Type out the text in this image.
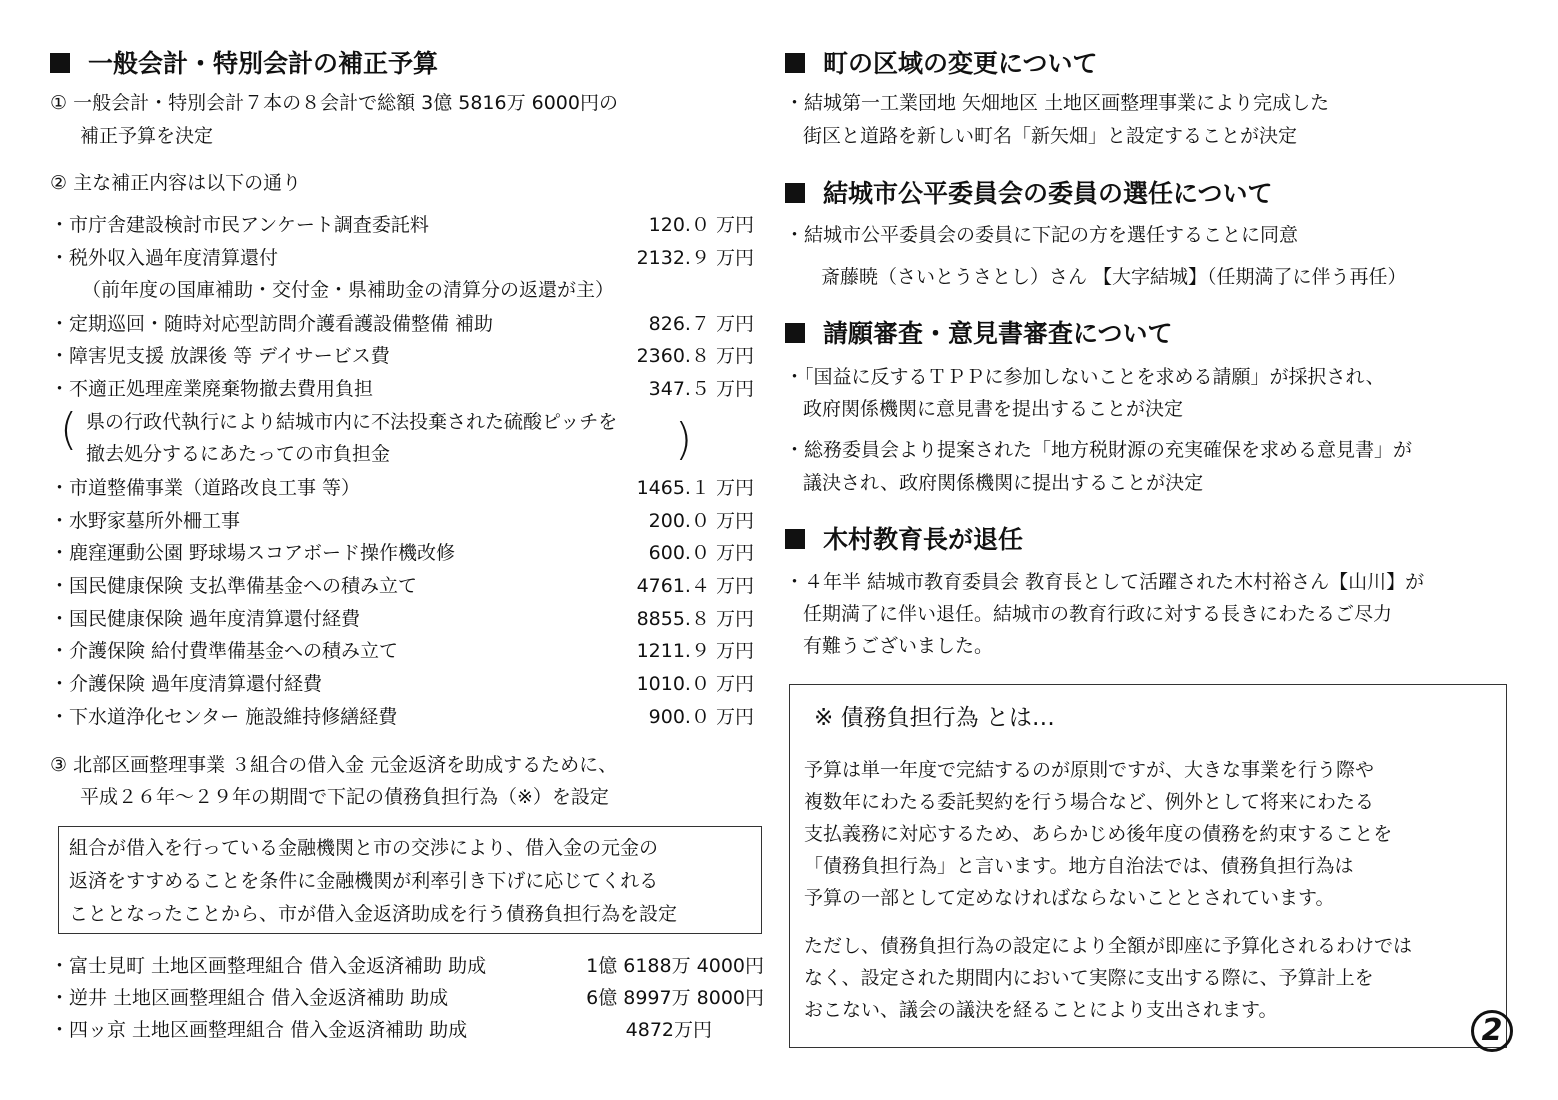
一般会計・特別会計の補正予算
① 一般会計・特別会計７本の８会計で総額 3億 5816万 6000円の
補正予算を決定
② 主な補正内容は以下の通り
・市庁舎建設検討市民アンケート調査委託料	120.０ 万円
・税外収入過年度清算還付	2132.９ 万円
（前年度の国庫補助・交付金・県補助金の清算分の返還が主）
・定期巡回・随時対応型訪問介護看護設備整備 補助	826.７ 万円
・障害児支援 放課後 等 デイサービス費	2360.８ 万円
・不適正処理産業廃棄物撤去費用負担	347.５ 万円
県の行政代執行により結城市内に不法投棄された硫酸ピッチを
撤去処分するにあたっての市負担金
・市道整備事業（道路改良工事 等）	1465.１ 万円
・水野家墓所外柵工事	200.０ 万円
・鹿窪運動公園 野球場スコアボード操作機改修	600.０ 万円
・国民健康保険 支払準備基金への積み立て	4761.４ 万円
・国民健康保険 過年度清算還付経費	8855.８ 万円
・介護保険 給付費準備基金への積み立て	1211.９ 万円
・介護保険 過年度清算還付経費	1010.０ 万円
・下水道浄化センター 施設維持修繕経費	900.０ 万円
(	)
③ 北部区画整理事業 ３組合の借入金 元金返済を助成するために、
平成２６年～２９年の期間で下記の債務負担行為（※）を設定
組合が借入を行っている金融機関と市の交渉により、借入金の元金の
返済をすすめることを条件に金融機関が利率引き下げに応じてくれる
こととなったことから、市が借入金返済助成を行う債務負担行為を設定
・富士見町 土地区画整理組合 借入金返済補助 助成	1億 6188万 4000円
・逆井 土地区画整理組合 借入金返済補助 助成	6億 8997万 8000円
・四ッ京 土地区画整理組合 借入金返済補助 助成	4872万円
町の区域の変更について
・結城第一工業団地 矢畑地区 土地区画整理事業により完成した
街区と道路を新しい町名「新矢畑」と設定することが決定
結城市公平委員会の委員の選任について
・結城市公平委員会の委員に下記の方を選任することに同意
斎藤暁（さいとうさとし）さん 【大字結城】（任期満了に伴う再任）
請願審査・意見書審査について
・「国益に反するＴＰＰに参加しないことを求める請願」が採択され、
政府関係機関に意見書を提出することが決定
・総務委員会より提案された「地方税財源の充実確保を求める意見書」が
議決され、政府関係機関に提出することが決定
木村教育長が退任
・４年半 結城市教育委員会 教育長として活躍された木村裕さん【山川】が
任期満了に伴い退任。結城市の教育行政に対する長きにわたるご尽力
有難うございました。
※ 債務負担行為 とは…
予算は単一年度で完結するのが原則ですが、大きな事業を行う際や
複数年にわたる委託契約を行う場合など、例外として将来にわたる
支払義務に対応するため、あらかじめ後年度の債務を約束することを
「債務負担行為」と言います。地方自治法では、債務負担行為は
予算の一部として定めなければならないこととされています。
ただし、債務負担行為の設定により全額が即座に予算化されるわけでは
なく、設定された期間内において実際に支出する際に、予算計上を
おこない、議会の議決を経ることにより支出されます。
2
